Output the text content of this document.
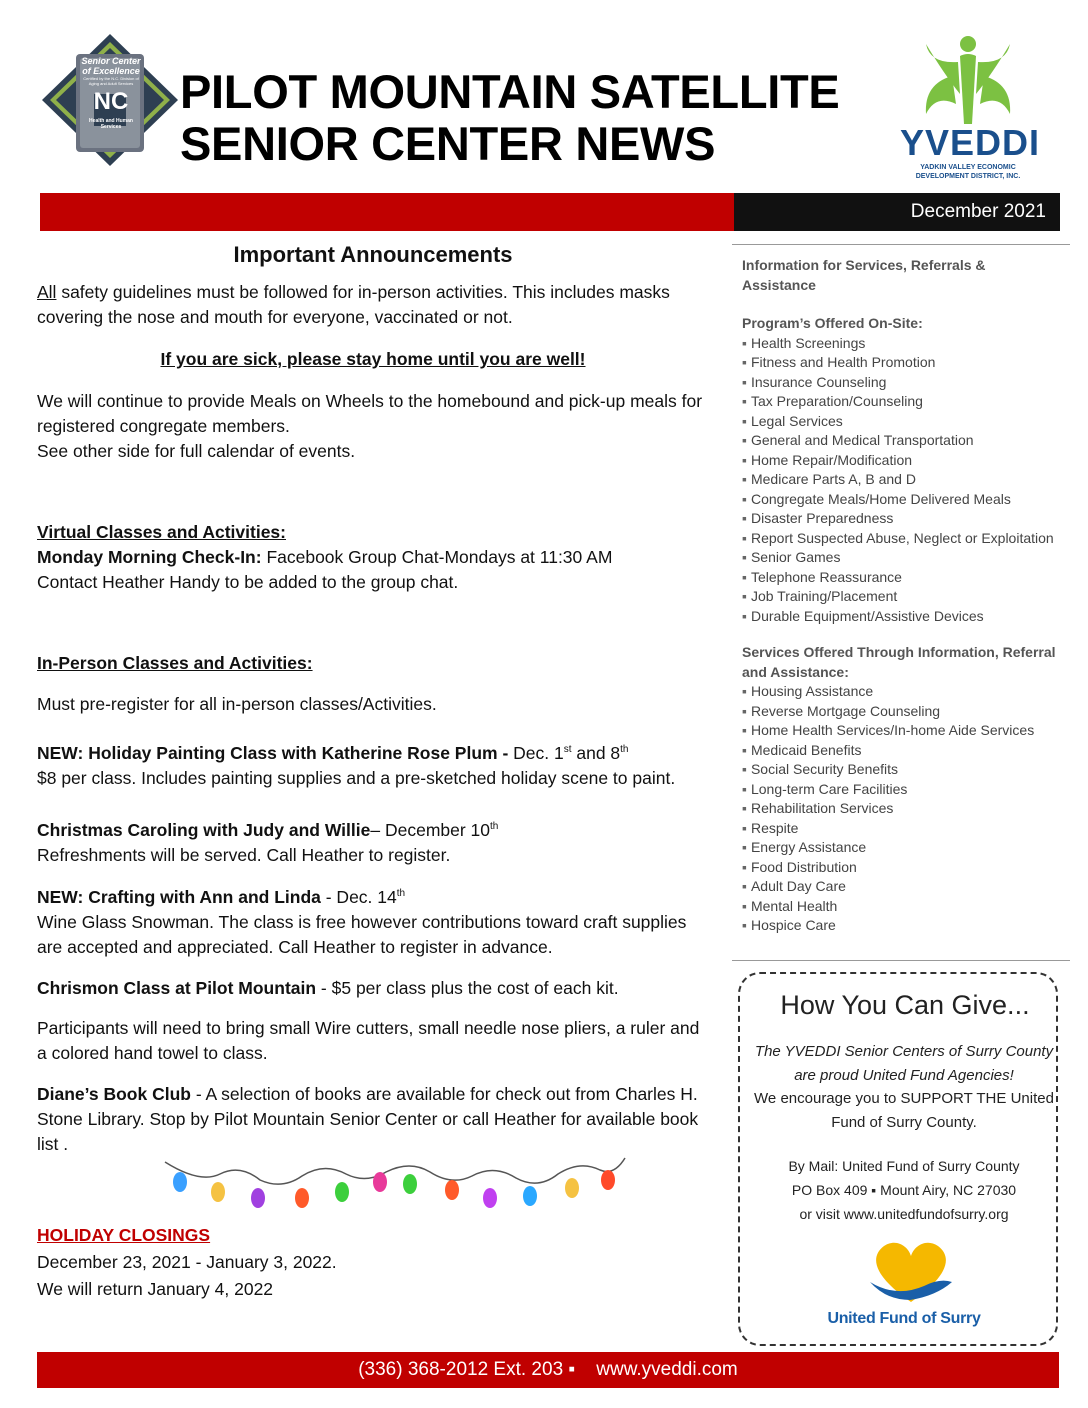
Senior Center
of Excellence
Certified by the N.C. Division of Aging and Adult Services
NC
Health and Human Services
PILOT MOUNTAIN SATELLITE
SENIOR CENTER NEWS	YVEDDI
YADKIN VALLEY ECONOMIC
DEVELOPMENT DISTRICT, INC.
December 2021

Important Announcements

All safety guidelines must be followed for in-person activities. This includes masks covering the nose and mouth for everyone, vaccinated or not.

If you are sick, please stay home until you are well!

We will continue to provide Meals on Wheels to the homebound and pick-up meals for registered congregate members.
See other side for full calendar of events.

Virtual Classes and Activities:

Monday Morning Check-In: Facebook Group Chat-Mondays at 11:30 AM
Contact Heather Handy to be added to the group chat.

In-Person Classes and Activities:

Must pre-register for all in-person classes/Activities.

NEW: Holiday Painting Class with Katherine Rose Plum - Dec. 1st and 8th
$8 per class. Includes painting supplies and a pre-sketched holiday scene to paint.

Christmas Caroling with Judy and Willie– December 10th
Refreshments will be served. Call Heather to register.

NEW: Crafting with Ann and Linda - Dec. 14th
Wine Glass Snowman. The class is free however contributions toward craft supplies are accepted and appreciated. Call Heather to register in advance.

Chrismon Class at Pilot Mountain - $5 per class plus the cost of each kit.

Participants will need to bring small Wire cutters, small needle nose pliers, a ruler and a colored hand towel to class.

Diane’s Book Club - A selection of books are available for check out from Charles H. Stone Library. Stop by Pilot Mountain Senior Center or call Heather for available book list .

HOLIDAY CLOSINGS
December 23, 2021 - January 3, 2022.
We will return January 4, 2022
Information for Services, Referrals & Assistance
Program’s Offered On-Site:
▪ Health Screenings
▪ Fitness and Health Promotion
▪ Insurance Counseling
▪ Tax Preparation/Counseling
▪ Legal Services
▪ General and Medical Transportation
▪ Home Repair/Modification
▪ Medicare Parts A, B and D
▪ Congregate Meals/Home Delivered Meals
▪ Disaster Preparedness
▪ Report Suspected Abuse, Neglect or Exploitation
▪ Senior Games
▪ Telephone Reassurance
▪ Job Training/Placement
▪ Durable Equipment/Assistive Devices
Services Offered Through Information, Referral and Assistance:
▪ Housing Assistance
▪ Reverse Mortgage Counseling
▪ Home Health Services/In-home Aide Services
▪ Medicaid Benefits
▪ Social Security Benefits
▪ Long-term Care Facilities
▪ Rehabilitation Services
▪ Respite
▪ Energy Assistance
▪ Food Distribution
▪ Adult Day Care
▪ Mental Health
▪ Hospice Care
How You Can Give...
The YVEDDI Senior Centers of Surry County are proud United Fund Agencies!
We encourage you to SUPPORT THE United Fund of Surry County.
By Mail: United Fund of Surry County
PO Box 409 ▪ Mount Airy, NC 27030
or visit www.unitedfundofsurry.org
United Fund of Surry
(336) 368-2012 Ext. 203 ▪    www.yveddi.com
